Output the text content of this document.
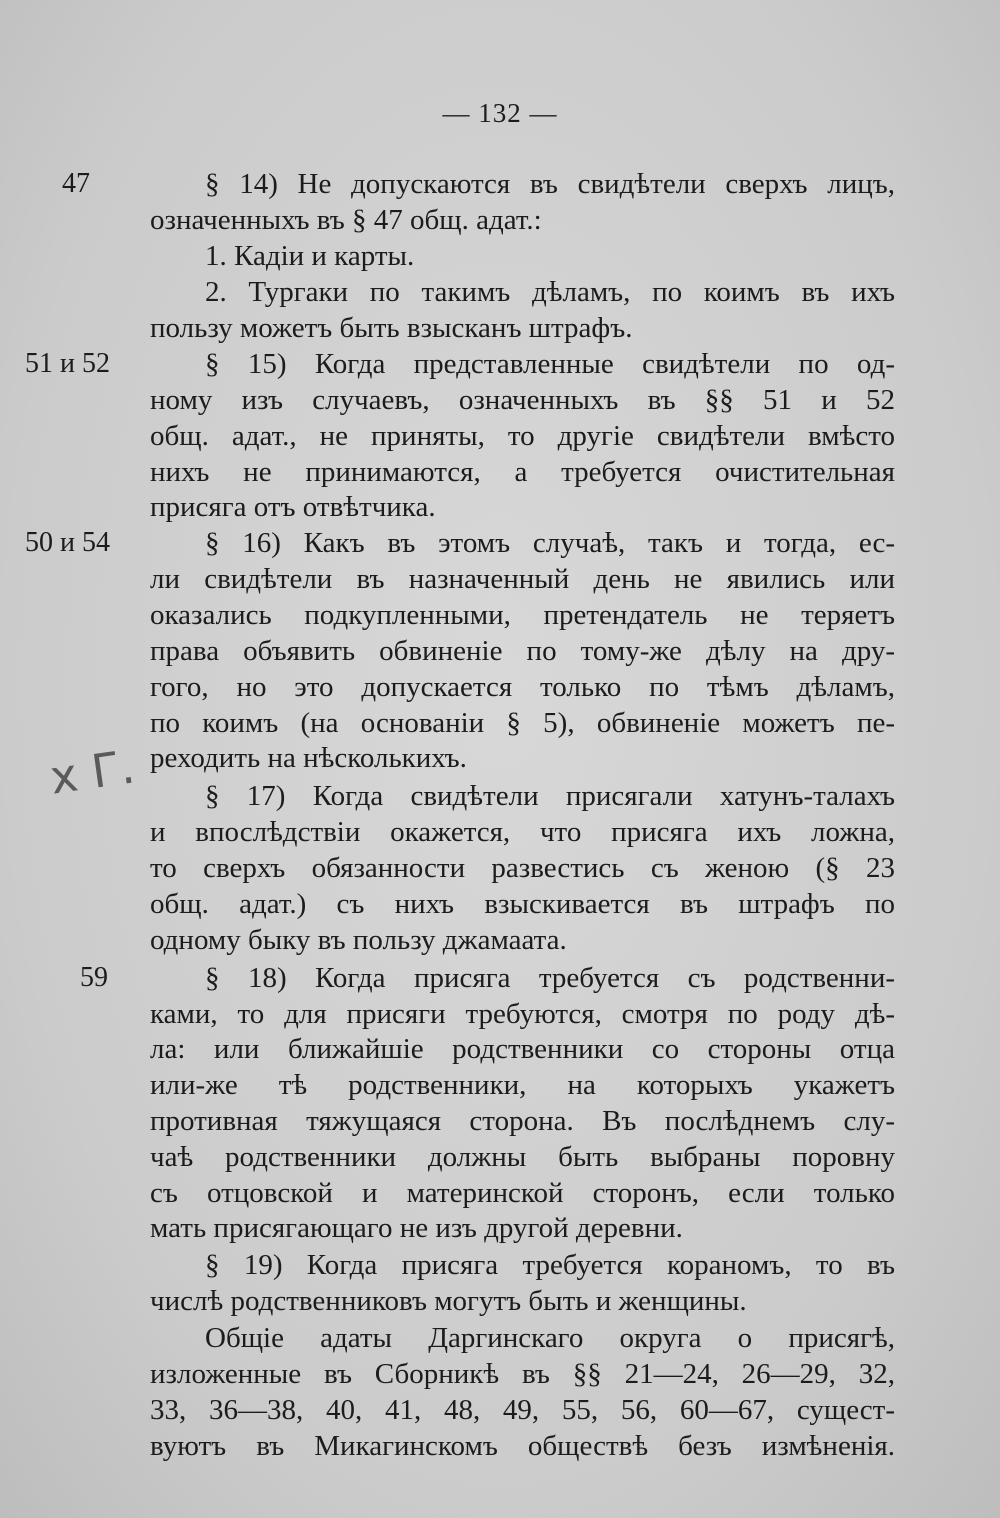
— 132 —
47
51 и 52
50 и 54
59
х Г.
§ 14) Не допускаются въ свидѣтели сверхъ лицъ,
означенныхъ въ § 47 общ. адат.:
1. Кадіи и карты.
2. Тургаки по такимъ дѣламъ, по коимъ въ ихъ
пользу можетъ быть взысканъ штрафъ.
§ 15) Когда представленные свидѣтели по од-
ному изъ случаевъ, означенныхъ въ §§ 51 и 52
общ. адат., не приняты, то другіе свидѣтели вмѣсто
нихъ не принимаются, а требуется очистительная
присяга отъ отвѣтчика.
§ 16) Какъ въ этомъ случаѣ, такъ и тогда, ес-
ли свидѣтели въ назначенный день не явились или
оказались подкупленными, претендатель не теряетъ
права объявить обвиненіе по тому-же дѣлу на дру-
гого, но это допускается только по тѣмъ дѣламъ,
по коимъ (на основаніи § 5), обвиненіе можетъ пе-
реходить на нѣсколькихъ.
§ 17) Когда свидѣтели присягали хатунъ-талахъ
и впослѣдствіи окажется, что присяга ихъ ложна,
то сверхъ обязанности развестись съ женою (§ 23
общ. адат.) съ нихъ взыскивается въ штрафъ по
одному быку въ пользу джамаата.
§ 18) Когда присяга требуется съ родственни-
ками, то для присяги требуются, смотря по роду дѣ-
ла: или ближайшіе родственники со стороны отца
или-же тѣ родственники, на которыхъ укажетъ
противная тяжущаяся сторона. Въ послѣднемъ слу-
чаѣ родственники должны быть выбраны поровну
съ отцовской и материнской сторонъ, если только
мать присягающаго не изъ другой деревни.
§ 19) Когда присяга требуется кораномъ, то въ
числѣ родственниковъ могутъ быть и женщины.
Общіе адаты Даргинскаго округа о присягѣ,
изложенные въ Сборникѣ въ §§ 21—24, 26—29, 32,
33, 36—38, 40, 41, 48, 49, 55, 56, 60—67, сущест-
вуютъ въ Микагинскомъ обществѣ безъ измѣненія.
